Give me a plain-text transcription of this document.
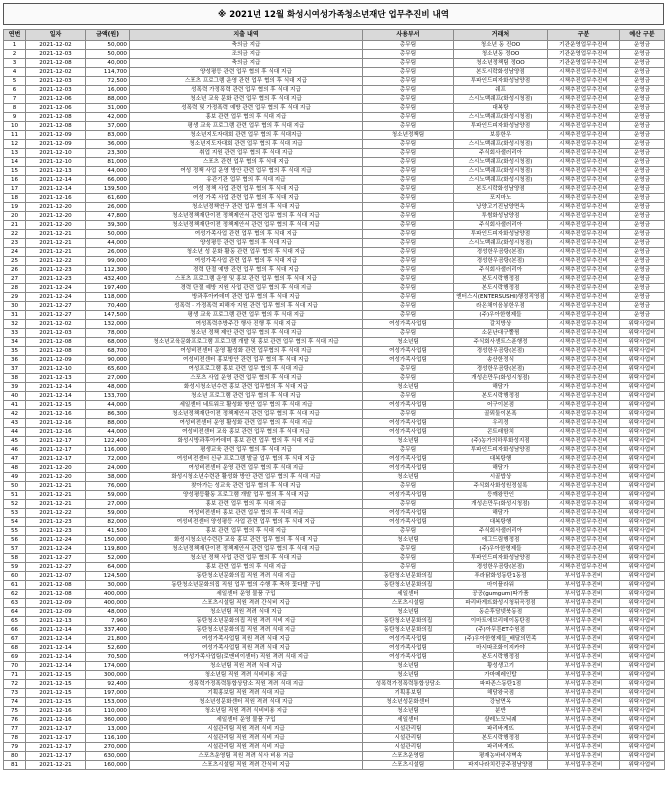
※ 2021년 12월 화성시여성가족청소년재단 업무추진비 내역
연번	일자	금액(원)	지출 내역	사용부서	거래처	구분	예산 구분
1	2021-12-02	50,000	축의금 지급	총무팀	청소년 동 진OO	기관운영업무추진비	운영금
2	2021-12-03	50,000	조의금 지급	총무팀	청소년동 정OO	기관운영업무추진비	운영금
3	2021-12-08	40,000	축의금 지급	총무팀	청소년정책팀 정OO	기관운영업무추진비	운영금
4	2021-12-02	114,700	양성평등 관련 업무 협의 후 식대 지급	총무팀	본도시락화성남양점	시책추진업무추진비	운영금
5	2021-12-03	72,500	스포츠 프로그램 운영 관련 업무 협의 후 식대 지급	총무팀	투파인드피자화성남양점	시책추진업무추진비	운영금
6	2021-12-03	16,000	성폭력 가정폭력 관련 업무 협의 후 식대 지급	총무팀	쉐프	시책추진업무추진비	운영금
7	2021-12-06	88,000	청소년 교육 문화 관련 업무 협의 후 식대 지급	총무팀	스시노백쉐프(화성시청점)	시책추진업무추진비	운영금
8	2021-12-06	31,000	성폭력 및 가정폭력 예방 관련 업무 협의 후 식대 지급	총무팀	대복탕	시책추진업무추진비	운영금
9	2021-12-08	42,000	홍보 관련 업무 협의 후 식대 지급	총무팀	스시노백쉐프(화성시청점)	시책추진업무추진비	운영금
10	2021-12-08	37,000	평생 교육 프로그램 관련 업무 협의 후 식대 지급	총무팀	투파인드피자화성남양점	시책추진업무추진비	운영금
11	2021-12-09	83,000	청소년지도자대회 관련 업무 협의 후 식대지급	청소년정책팀	보릉한우	시책추진업무추진비	운영금
12	2021-12-09	36,000	청소년지도자대회 관련 업무 협의 후 식대 지급	총무팀	스시노백쉐프(화성시청점)	시책추진업무추진비	운영금
13	2021-12-10	23,300	취업 지원 관련 업무 협의 후 식대 지급	총무팀	주식회사샐러리아	시책추진업무추진비	운영금
14	2021-12-10	81,000	스포츠 관련 업무 협의 후 식대 지급	총무팀	스시노백쉐프(화성시청점)	시책추진업무추진비	운영금
15	2021-12-13	44,000	여성 정책 사업 운영 방안 관련 업무 협의 후 식대 지급	총무팀	스시노백쉐프(화성시청점)	시책추진업무추진비	운영금
16	2021-12-14	66,000	유관기관 업무 협의 후 식대 지급	총무팀	스시노백쉐프(화성시청점)	시책추진업무추진비	운영금
17	2021-12-14	139,500	여성 정책 사업 관련 업무 협의 후 식대 지급	총무팀	본도시락화성남양점	시책추진업무추진비	운영금
18	2021-12-16	61,600	여성 가족 사업 관련 업무 협의 후 식대 지급	총무팀	포지마노	시책추진업무추진비	운영금
19	2021-12-20	26,000	청소년정책연구 관련 업무 협의 후 식대 지급	총무팀	낭양고기진남양면옥	시책추진업무추진비	운영금
20	2021-12-20	47,800	청소년정책재단이전 정책제안서 관련 업무 협의 후 식대 지급	총무팀	투썸화성남양점	시책추진업무추진비	운영금
21	2021-12-20	39,300	청소년정책재단이전 정책제안서 관련 업무 협의 후 식대 지급	총무팀	주식회사샐러리아	시책추진업무추진비	운영금
22	2021-12-21	50,000	여성가족사업 관련 업무 협의 후 식대 지급	총무팀	투파인드피자화성남양점	시책추진업무추진비	운영금
23	2021-12-21	44,000	양성평등 관련 업무 협의 후 식대 지급	총무팀	스시노백쉐프(화성시청점)	시책추진업무추진비	운영금
24	2021-12-21	26,000	청소년 성 문화 활동 관련 업무 협의 후 식대 지급	총무팀	경성한우곰탕(본점)	시책추진업무추진비	운영금
25	2021-12-22	99,000	여성가족사업 관련 업무 협의 후 식대 지급	총무팀	경성한우곰탕(본점)	시책추진업무추진비	운영금
26	2021-12-23	112,300	경력 단절 예방 관련 업무 협의 후 식대 지급	총무팀	주식회사샐러리아	시책추진업무추진비	운영금
27	2021-12-23	432,400	스포츠 프로그램 운영 및 홍보 관련 업무 협의 후 식대 지급	총무팀	본도시락행정점	시책추진업무추진비	운영금
28	2021-12-24	197,400	경력 단절 예방 지원 사업 관련 업무 협의 후 식대 지급	총무팀	본도시락행정점	시책추진업무추진비	운영금
29	2021-12-24	118,000	방과후아카데미 관련 업무 협의 후 식대 지급	총무팀	엔터스시(ENTERSUSHI)행정직영점	시책추진업무추진비	운영금
30	2021-12-27	70,400	성폭력 · 가정폭력 피해자 지원 관련 업무 협의 후 식대 지급	총무팀	라온채이음봉한우점	시책추진업무추진비	운영금
31	2021-12-27	147,500	평생 교육 프로그램 관련 업무 협의 후 식대 지급	총무팀	(주)우아한형제들	시책추진업무추진비	운영금
32	2021-12-02	132,000	여성폭력추방주간 행사 진행 후 식대 지급	여성가족사업팀	갈치방상	시책추진업무추진비	위탁사업비
33	2021-12-03	78,000	청소년 정책 제안 관련 업무 협의 후 식대 지급	총무팀	소문난대구뽈찜	시책추진업무추진비	위탁사업비
34	2021-12-08	68,000	청소년교육문화프로그램 프로그램 개발 및 홍보 관련 업무 협의 후 식대 지급	청소년팀	주식회사센트스푼행정	시책추진업무추진비	위탁사업비
35	2021-12-08	68,700	여성비전센터 운영 활성화 관련 업무협의 후 식대 지급	여성가족사업팀	경성한우곰탕(본점)	시책추진업무추진비	위탁사업비
36	2021-12-09	90,000	여성비전센터 홍보방안 관련 업무 협의 후 식대 지급	여성가족사업팀	송산한정식	시책추진업무추진비	위탁사업비
37	2021-12-10	65,600	여성프로그램 홍보 관련 업무 협의 후 식대 지급	총무팀	경성한우곰탕(본점)	시책추진업무추진비	위탁사업비
38	2021-12-13	27,000	스포츠 사업 운영 관련 업무 협의 후 식대 지급	총무팀	개성손만두(화성시청점)	시책추진업무추진비	위탁사업비
39	2021-12-14	48,000	화성시청소년수련 홍보 관련 업무협의 후 식대 지급	청소년팀	해담가	시책추진업무추진비	위탁사업비
40	2021-12-14	133,700	청소년 프로그램 관련 업무 협의 후 식대 지급	총무팀	본도시락행정점	시책추진업무추진비	위탁사업비
41	2021-12-15	44,000	세일센터 네트워크 활성화 방안 업무 협의 후 식대 지급	여성가족사업팀	어구이본점	시책추진업무추진비	위탁사업비
42	2021-12-16	86,300	청소년정책재단이전 정책제안서 관련 업무 협의 후 식대 지급	총무팀	골뫼둘이본폭	시책추진업무추진비	위탁사업비
43	2021-12-16	88,000	여성비전센터 운영 활성화 관련 업무 협의 후 식대 지급	여성가족사업팀	우리정	시책추진업무추진비	위탁사업비
44	2021-12-16	44,000	여성비전센터 교육 홍보 관련 업무 협의 후 식대 지급	여성가족사업팀	콘트래함치	시책추진업무추진비	위탁사업비
45	2021-12-17	122,400	화성시방과후아카데미 홍보 관련 업무 협의 후 식대 지급	청소년팀	(주)농가의하루화성지점	시책추진업무추진비	위탁사업비
46	2021-12-17	116,000	평생교육 관련 업무 협의 후 식대 지급	총무팀	투파인드피자화성남양점	시책추진업무추진비	위탁사업비
47	2021-12-17	72,000	여성비전센터 신규 프로그램 발굴 업무 협의 후 식대 지급	여성가족사업팀	대복탕행	시책추진업무추진비	위탁사업비
48	2021-12-20	24,000	여성비전센터 운영 관련 업무 협의 후 식대 지급	여성가족사업팀	해담가	시책추진업무추진비	위탁사업비
49	2021-12-20	38,000	화성시청소년수련관 활성화 방안 관련 업무 협의 후 식대 지급	청소년팀	시골밥상	시책추진업무추진비	위탁사업비
50	2021-12-21	76,000	찾아가는 성교육 관련 업무 협의 후 식대 지급	총무팀	주식회사화성원정설록	시책추진업무추진비	위탁사업비
51	2021-12-21	59,000	양성평등활동 프로그램 개발 업무 협의 후 식대 지급	여성가족사업팀	등깨왕만인	시책추진업무추진비	위탁사업비
52	2021-12-21	27,000	홍보 관련 업무 협의 후 식대 지급	총무팀	개성손만두(화성시청점)	시책추진업무추진비	위탁사업비
53	2021-12-22	59,000	여성비전센터 홍보 관련 업무 협의 후 식대 지급	여성가족사업팀	해담가	시책추진업무추진비	위탁사업비
54	2021-12-23	82,000	여성비전센터 양성평등 사업 관련 업무 협의 후 식대 지급	여성가족사업팀	대복탕행	시책추진업무추진비	위탁사업비
55	2021-12-23	41,500	홍보 관련 업무 협의 후 식대 지급	총무팀	주식회사샐러리아	시책추진업무추진비	위탁사업비
56	2021-12-24	150,000	화성시청소년수련관 교육 홍보 관련 업무 협의 후 식대 지급	청소년팀	에그드림행정점	시책추진업무추진비	위탁사업비
57	2021-12-24	119,800	청소년정책재단이전 정책제안서 관련 업무 협의 후 식대 지급	총무팀	(주)우아한형제들	시책추진업무추진비	위탁사업비
58	2021-12-27	52,000	청소년 정책 사업 관련 업무 협의 후 식대 지급	총무팀	투파인드피자화성남양점	시책추진업무추진비	위탁사업비
59	2021-12-27	64,000	홍보 관련 업무 협의 후 식대 지급	총무팀	경성한우곰탕(본점)	시책추진업무추진비	위탁사업비
60	2021-12-07	124,500	동탄청소년문화의집 직원 격려 식대 지급	동탄청소년문화의집	푸라닭화성동탄1동점	부서업무추진비	위탁사업비
61	2021-12-08	30,000	동탄청소년문화의집 직원 업무 협의 수행 후 축하 꽃다발 구입	동탄청소년문화의집	마이플라워	부서업무추진비	위탁사업비
62	2021-12-08	400,000	세일센터 운영 물품 구입	세일센터	공공(gumgum)따가품	부서업무추진비	위탁사업비
63	2021-12-09	400,000	스포츠시설팀 직원 격려 간식비 지급	스포츠시설팀	파리바게뜨화성시청뒤곡정점	부서업무추진비	위탁사업비
64	2021-12-09	48,000	청소년팀 직원 격려 식대 지급	청소년팀	동순후담넷북동점	부서업무추진비	위탁사업비
65	2021-12-13	7,960	동탄청소년문화의집 직원 격려 식비 지급	동탄청소년문화의집	이마트에브리데이동탄점	부서업무추진비	위탁사업비
66	2021-12-14	337,400	동탄청소년문화의집 직원 격려 식대 지급	동탄청소년문화의집	(주)아무튼ET수원점	부서업무추진비	위탁사업비
67	2021-12-14	21,800	여성가족사업팀 직원 격려 식대 지급	여성가족사업팀	(주)우아한형제들_배달의민족	부서업무추진비	위탁사업비
68	2021-12-14	52,600	여성가족사업팀 직원 격려 식대 지급	여성가족사업팀	마시따조화이지카야	부서업무추진비	위탁사업비
69	2021-12-14	70,500	여성가족사업팀(로맨비이센터) 직원 격려 식대 지급	여성가족사업팀	본도시락행정점	부서업무추진비	위탁사업비
70	2021-12-14	174,000	청소년팀 직원 격려 식대 지급	청소년팀	황성생고기	부서업무추진비	위탁사업비
71	2021-12-15	300,000	청소년팀 직원 격려 식비비용 지급	청소년팀	가마메레인탑	부서업무추진비	위탁사업비
72	2021-12-15	92,400	성폭력가정폭력통합상담소 직원 격려 식대 지급	성폭력가정폭력통합상담소	파파존스동탄1점	부서업무추진비	위탁사업비
73	2021-12-15	197,000	기획홍보팀 직원 격려 식대 지급	기획홍보팀	해담왕국점	부서업무추진비	위탁사업비
74	2021-12-15	153,000	청소년성문화센터 직원 격려 식대 지급	청소년성문화센터	강남면옥	부서업무추진비	위탁사업비
75	2021-12-16	110,000	청소년팀 직원 격려 식비비용 지급	청소년팀	분반	부서업무추진비	위탁사업비
76	2021-12-16	360,000	세일센터 운영 물품 구입	세일센터	샬레노모닉퀘	부서업무추진비	위탁사업비
77	2021-12-17	13,000	시설관리팀 직원 격려 식비 지급	시설관리팀	파리바게뜨	부서업무추진비	위탁사업비
78	2021-12-17	116,100	시설관리팀 직원 격려 식비 지급	시설관리팀	본도시락행정점	부서업무추진비	위탁사업비
79	2021-12-17	270,000	시설관리팀 직원 격려 식비 지급	시설관리팀	파리바게뜨	부서업무추진비	위탁사업비
80	2021-12-17	630,000	스포츠운영팀 직원 격려 식사 비용 지급	스포츠운영팀	평재농바비샤벽속	부서업무추진비	위탁사업비
81	2021-12-21	160,000	스포츠시설팀 직원 격려 간식비 지급	스포츠시설팀	파지나라치킨공주점남양점	부서업무추진비	위탁사업비
